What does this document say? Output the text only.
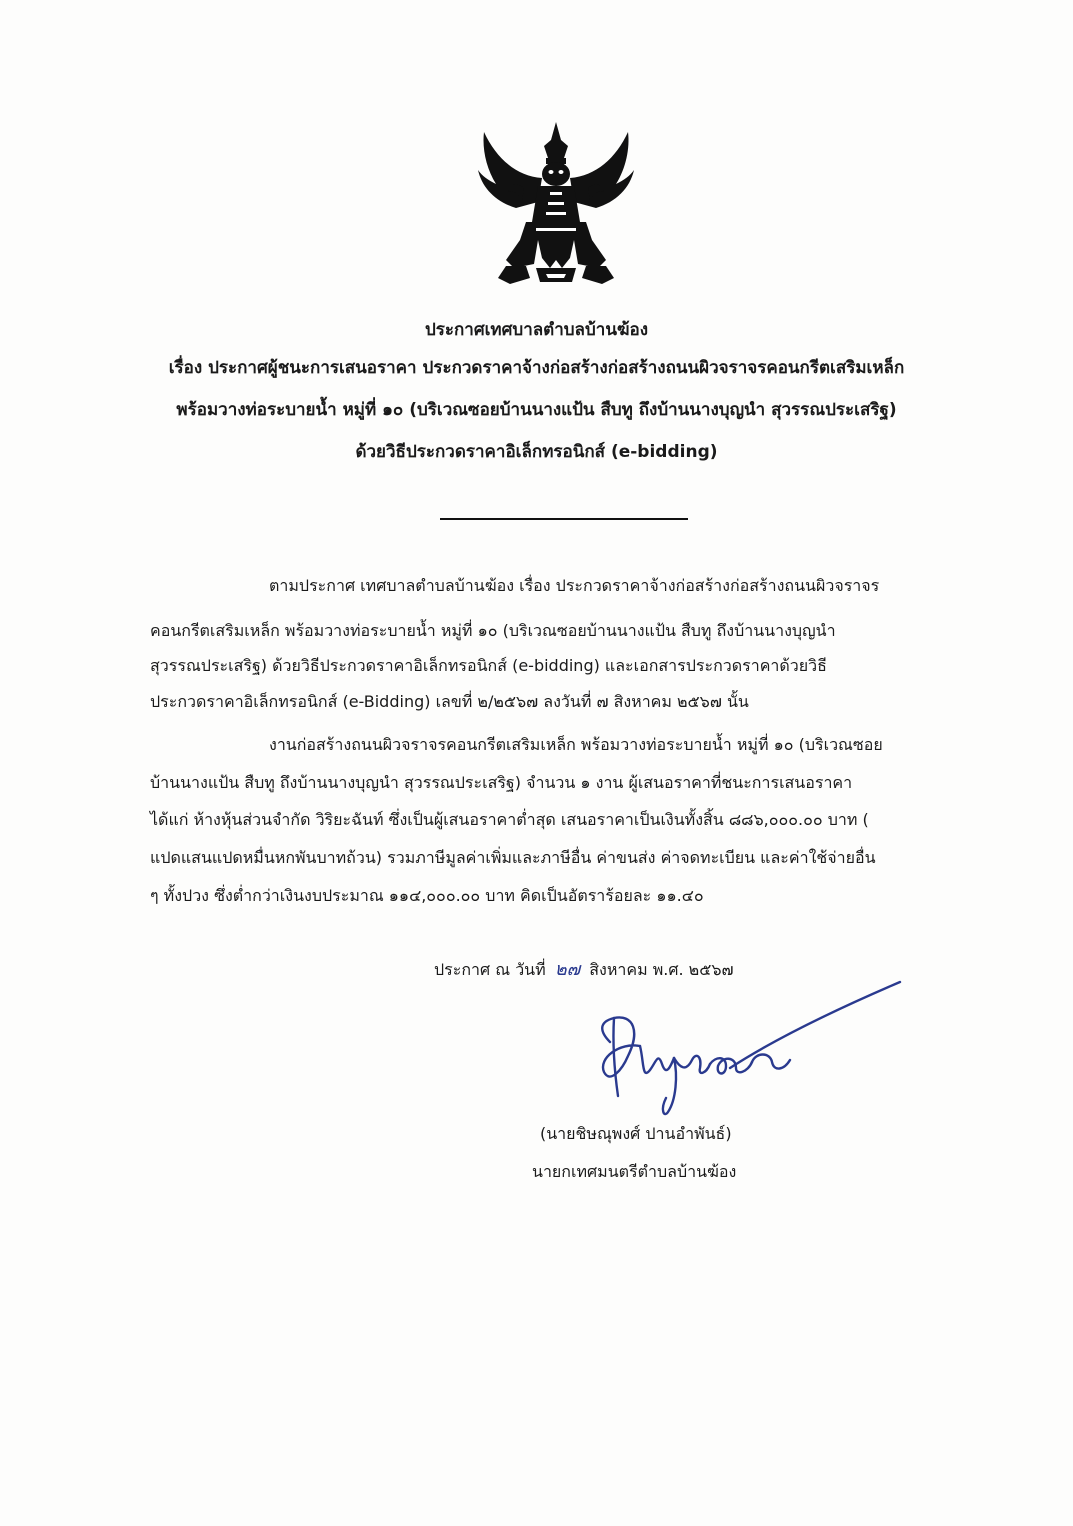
ประกาศเทศบาลตำบลบ้านฆ้อง
เรื่อง ประกาศผู้ชนะการเสนอราคา ประกวดราคาจ้างก่อสร้างก่อสร้างถนนผิวจราจรคอนกรีตเสริมเหล็ก
พร้อมวางท่อระบายน้ำ หมู่ที่ ๑๐ (บริเวณซอยบ้านนางแป้น สืบทู ถึงบ้านนางบุญนำ สุวรรณประเสริฐ)
ด้วยวิธีประกวดราคาอิเล็กทรอนิกส์ (e-bidding)
ตามประกาศ เทศบาลตำบลบ้านฆ้อง เรื่อง ประกวดราคาจ้างก่อสร้างก่อสร้างถนนผิวจราจร
คอนกรีตเสริมเหล็ก พร้อมวางท่อระบายน้ำ หมู่ที่ ๑๐ (บริเวณซอยบ้านนางแป้น สืบทู ถึงบ้านนางบุญนำ
สุวรรณประเสริฐ) ด้วยวิธีประกวดราคาอิเล็กทรอนิกส์ (e-bidding) และเอกสารประกวดราคาด้วยวิธี
ประกวดราคาอิเล็กทรอนิกส์ (e-Bidding) เลขที่ ๒/๒๕๖๗ ลงวันที่ ๗ สิงหาคม ๒๕๖๗ นั้น
งานก่อสร้างถนนผิวจราจรคอนกรีตเสริมเหล็ก พร้อมวางท่อระบายน้ำ หมู่ที่ ๑๐ (บริเวณซอย
บ้านนางแป้น สืบทู ถึงบ้านนางบุญนำ สุวรรณประเสริฐ) จำนวน ๑ งาน ผู้เสนอราคาที่ชนะการเสนอราคา
ได้แก่ ห้างหุ้นส่วนจำกัด วิริยะฉันท์ ซึ่งเป็นผู้เสนอราคาต่ำสุด เสนอราคาเป็นเงินทั้งสิ้น ๘๘๖,๐๐๐.๐๐ บาท (
แปดแสนแปดหมื่นหกพันบาทถ้วน) รวมภาษีมูลค่าเพิ่มและภาษีอื่น ค่าขนส่ง ค่าจดทะเบียน และค่าใช้จ่ายอื่น
ๆ ทั้งปวง ซึ่งต่ำกว่าเงินงบประมาณ ๑๑๔,๐๐๐.๐๐ บาท คิดเป็นอัตราร้อยละ ๑๑.๔๐
ประกาศ ณ วันที่ ๒๗ สิงหาคม พ.ศ. ๒๕๖๗
(นายชิษณุพงศ์ ปานอำพันธ์)
นายกเทศมนตรีตำบลบ้านฆ้อง
